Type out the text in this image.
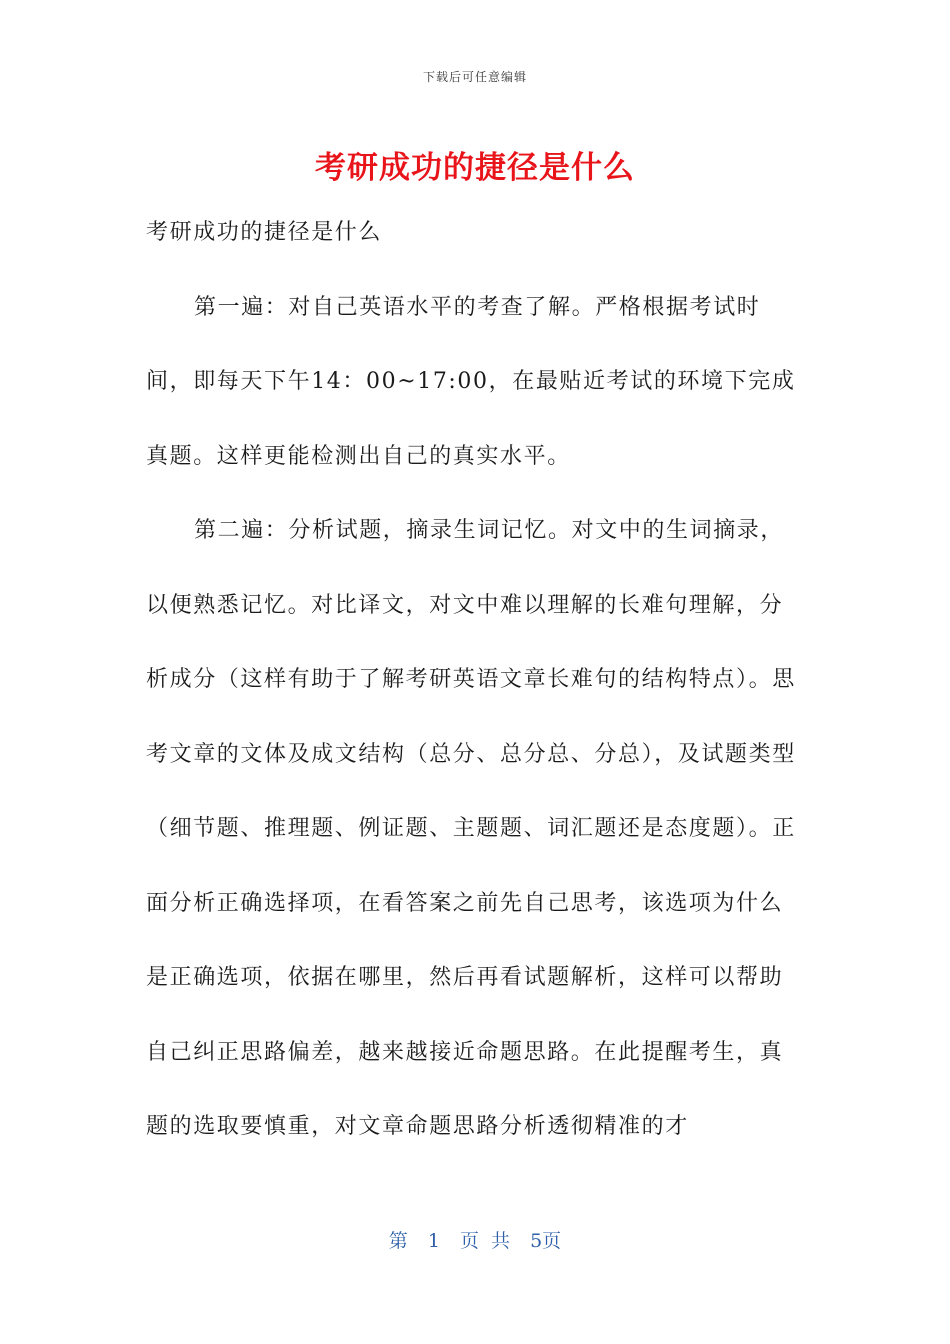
下载后可任意编辑
考研成功的捷径是什么

考研成功的捷径是什么

第一遍：对自己英语水平的考查了解。严格根据考试时间，即每天下午14：00~17:00，在最贴近考试的环境下完成真题。这样更能检测出自己的真实水平。

第二遍：分析试题，摘录生词记忆。对文中的生词摘录，以便熟悉记忆。对比译文，对文中难以理解的长难句理解，分析成分（这样有助于了解考研英语文章长难句的结构特点）。思考文章的文体及成文结构（总分、总分总、分总），及试题类型（细节题、推理题、例证题、主题题、词汇题还是态度题）。正面分析正确选择项，在看答案之前先自己思考，该选项为什么是正确选项，依据在哪里，然后再看试题解析，这样可以帮助自己纠正思路偏差，越来越接近命题思路。在此提醒考生，真题的选取要慎重，对文章命题思路分析透彻精准的才

第 1 页 共 5页
